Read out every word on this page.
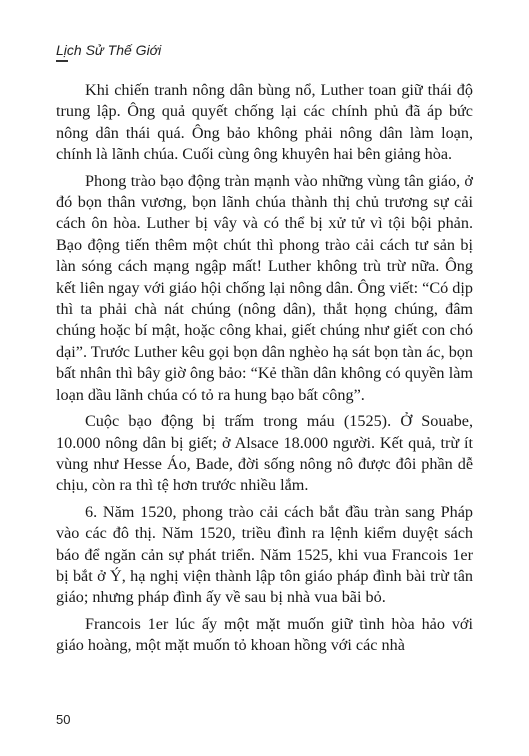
Lịch Sử Thế Giới

Khi chiến tranh nông dân bùng nổ, Luther toan giữ thái độ trung lập. Ông quả quyết chống lại các chính phủ đã áp bức nông dân thái quá. Ông bảo không phải nông dân làm loạn, chính là lãnh chúa. Cuối cùng ông khuyên hai bên giảng hòa.

Phong trào bạo động tràn mạnh vào những vùng tân giáo, ở đó bọn thân vương, bọn lãnh chúa thành thị chủ trương sự cải cách ôn hòa. Luther bị vây và có thể bị xử tử vì tội bội phản. Bạo động tiến thêm một chút thì phong trào cải cách tư sản bị làn sóng cách mạng ngập mất! Luther không trù trừ nữa. Ông kết liên ngay với giáo hội chống lại nông dân. Ông viết: “Có dịp thì ta phải chà nát chúng (nông dân), thắt họng chúng, đâm chúng hoặc bí mật, hoặc công khai, giết chúng như giết con chó dại”. Trước Luther kêu gọi bọn dân nghèo hạ sát bọn tàn ác, bọn bất nhân thì bây giờ ông bảo: “Kẻ thần dân không có quyền làm loạn dầu lãnh chúa có tỏ ra hung bạo bất công”.

Cuộc bạo động bị trấm trong máu (1525). Ở Souabe, 10.000 nông dân bị giết; ở Alsace 18.000 người. Kết quả, trừ ít vùng như Hesse Áo, Bade, đời sống nông nô được đôi phần dễ chịu, còn ra thì tệ hơn trước nhiều lắm.

6. Năm 1520, phong trào cải cách bắt đầu tràn sang Pháp vào các đô thị. Năm 1520, triều đình ra lệnh kiểm duyệt sách báo để ngăn cản sự phát triển. Năm 1525, khi vua Francois 1er bị bắt ở Ý, hạ nghị viện thành lập tôn giáo pháp đình bài trừ tân giáo; nhưng pháp đình ấy về sau bị nhà vua bãi bỏ.

Francois 1er lúc ấy một mặt muốn giữ tình hòa hảo với giáo hoàng, một mặt muốn tỏ khoan hồng với các nhà

50
